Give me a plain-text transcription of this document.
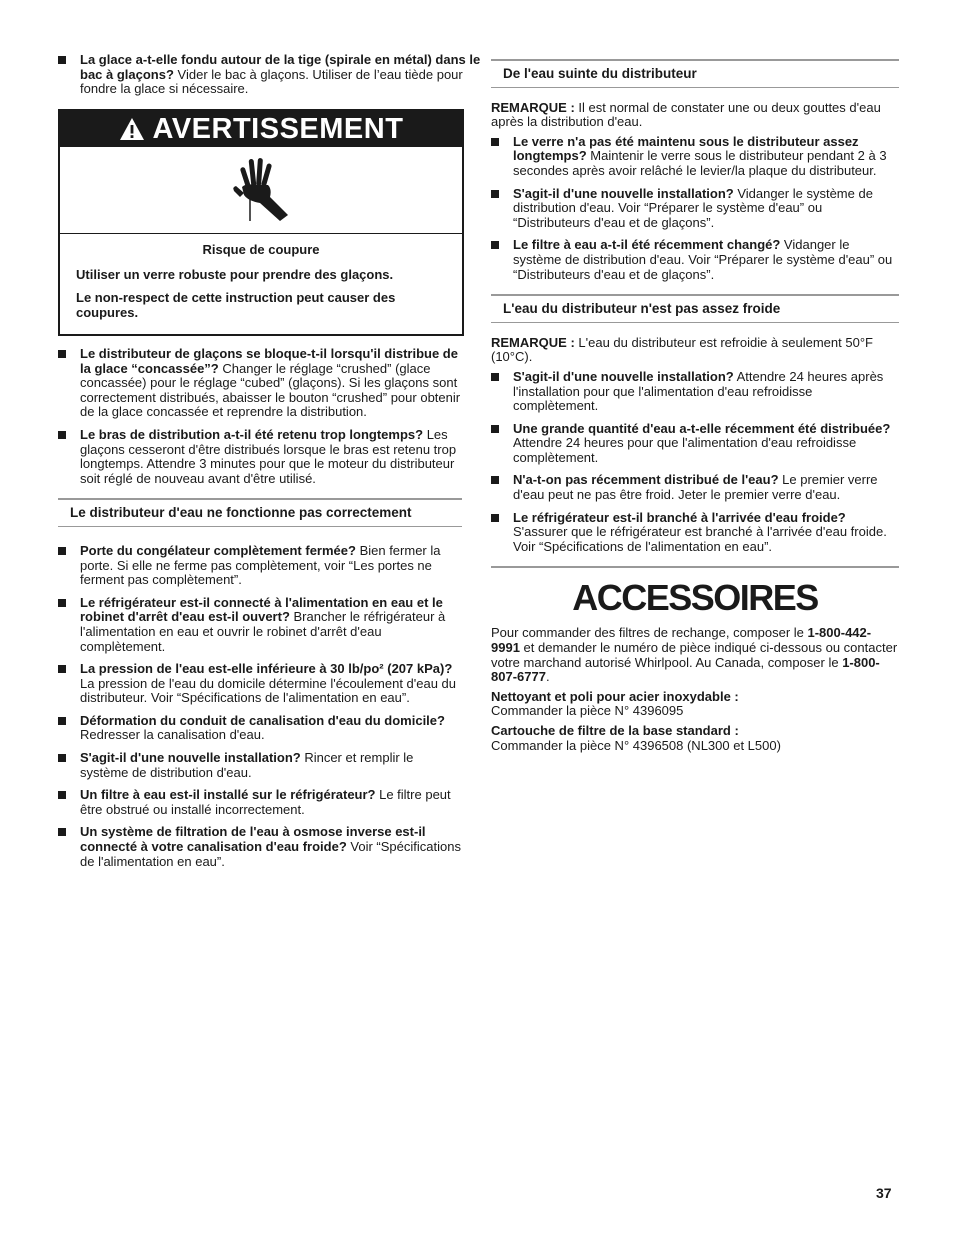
La glace a-t-elle fondu autour de la tige (spirale en métal) dans le bac à glaçons? Vider le bac à glaçons. Utiliser de l’eau tiède pour fondre la glace si nécessaire.
AVERTISSEMENT
Risque de coupure

Utiliser un verre robuste pour prendre des glaçons.

Le non-respect de cette instruction peut causer des coupures.

Le distributeur de glaçons se bloque-t-il lorsqu'il distribue de la glace “concassée”? Changer le réglage “crushed” (glace concassée) pour le réglage “cubed” (glaçons). Si les glaçons sont correctement distribués, abaisser le bouton “crushed” pour obtenir de la glace concassée et reprendre la distribution.
Le bras de distribution a-t-il été retenu trop longtemps? Les glaçons cesseront d'être distribués lorsque le bras est retenu trop longtemps. Attendre 3 minutes pour que le moteur du distributeur soit réglé de nouveau avant d'être utilisé.
Le distributeur d'eau ne fonctionne pas correctement
Porte du congélateur complètement fermée? Bien fermer la porte. Si elle ne ferme pas complètement, voir “Les portes ne ferment pas complètement”.
Le réfrigérateur est-il connecté à l'alimentation en eau et le robinet d'arrêt d'eau est-il ouvert? Brancher le réfrigérateur à l'alimentation en eau et ouvrir le robinet d'arrêt d'eau complètement.
La pression de l'eau est-elle inférieure à 30 lb/po² (207 kPa)? La pression de l'eau du domicile détermine l'écoulement d'eau du distributeur. Voir “Spécifications de l'alimentation en eau”.
Déformation du conduit de canalisation d'eau du domicile? Redresser la canalisation d'eau.
S'agit-il d'une nouvelle installation? Rincer et remplir le système de distribution d'eau.
Un filtre à eau est-il installé sur le réfrigérateur? Le filtre peut être obstrué ou installé incorrectement.
Un système de filtration de l'eau à osmose inverse est-il connecté à votre canalisation d'eau froide? Voir “Spécifications de l'alimentation en eau”.
De l'eau suinte du distributeur

REMARQUE : Il est normal de constater une ou deux gouttes d'eau après la distribution d'eau.

Le verre n'a pas été maintenu sous le distributeur assez longtemps? Maintenir le verre sous le distributeur pendant 2 à 3 secondes après avoir relâché le levier/la plaque du distributeur.
S'agit-il d'une nouvelle installation? Vidanger le système de distribution d'eau. Voir “Préparer le système d'eau” ou “Distributeurs d'eau et de glaçons”.
Le filtre à eau a-t-il été récemment changé? Vidanger le système de distribution d'eau. Voir “Préparer le système d'eau” ou “Distributeurs d'eau et de glaçons”.
L'eau du distributeur n'est pas assez froide

REMARQUE : L'eau du distributeur est refroidie à seulement 50°F (10°C).

S'agit-il d'une nouvelle installation? Attendre 24 heures après l'installation pour que l'alimentation d'eau refroidisse complètement.
Une grande quantité d'eau a-t-elle récemment été distribuée? Attendre 24 heures pour que l'alimentation d'eau refroidisse complètement.
N'a-t-on pas récemment distribué de l'eau? Le premier verre d'eau peut ne pas être froid. Jeter le premier verre d'eau.
Le réfrigérateur est-il branché à l'arrivée d'eau froide? S'assurer que le réfrigérateur est branché à l'arrivée d'eau froide. Voir “Spécifications de l'alimentation en eau”.
ACCESSOIRES

Pour commander des filtres de rechange, composer le 1-800-442-9991 et demander le numéro de pièce indiqué ci-dessous ou contacter votre marchand autorisé Whirlpool. Au Canada, composer le 1-800-807-6777.

Nettoyant et poli pour acier inoxydable :
Commander la pièce N° 4396095

Cartouche de filtre de la base standard :
Commander la pièce N° 4396508 (NL300 et L500)

37
